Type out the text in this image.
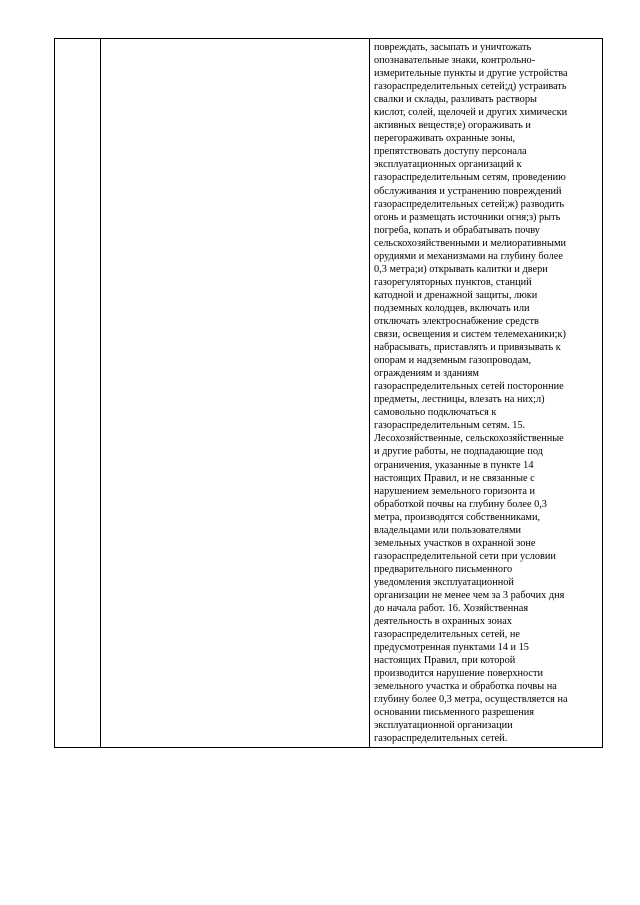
повреждать, засыпать и уничтожать
опознавательные знаки, контрольно-
измерительные пункты и другие устройства
газораспределительных сетей;д) устраивать
свалки и склады, разливать растворы
кислот, солей, щелочей и других химически
активных веществ;е) огораживать и
перегораживать охранные зоны,
препятствовать доступу персонала
эксплуатационных организаций к
газораспределительным сетям, проведению
обслуживания и устранению повреждений
газораспределительных сетей;ж) разводить
огонь и размещать источники огня;з) рыть
погреба, копать и обрабатывать почву
сельскохозяйственными и мелиоративными
орудиями и механизмами на глубину более
0,3 метра;и) открывать калитки и двери
газорегуляторных пунктов, станций
катодной и дренажной защиты, люки
подземных колодцев, включать или
отключать электроснабжение средств
связи, освещения и систем телемеханики;к)
набрасывать, приставлять и привязывать к
опорам и надземным газопроводам,
ограждениям и зданиям
газораспределительных сетей посторонние
предметы, лестницы, влезать на них;л)
самовольно подключаться к
газораспределительным сетям. 15.
Лесохозяйственные, сельскохозяйственные
и другие работы, не подпадающие под
ограничения, указанные в пункте 14
настоящих Правил, и не связанные с
нарушением земельного горизонта и
обработкой почвы на глубину более 0,3
метра, производятся собственниками,
владельцами или пользователями
земельных участков в охранной зоне
газораспределительной сети при условии
предварительного письменного
уведомления эксплуатационной
организации не менее чем за 3 рабочих дня
до начала работ. 16. Хозяйственная
деятельность в охранных зонах
газораспределительных сетей, не
предусмотренная пунктами 14 и 15
настоящих Правил, при которой
производится нарушение поверхности
земельного участка и обработка почвы на
глубину более 0,3 метра, осуществляется на
основании письменного разрешения
эксплуатационной организации
газораспределительных сетей.
